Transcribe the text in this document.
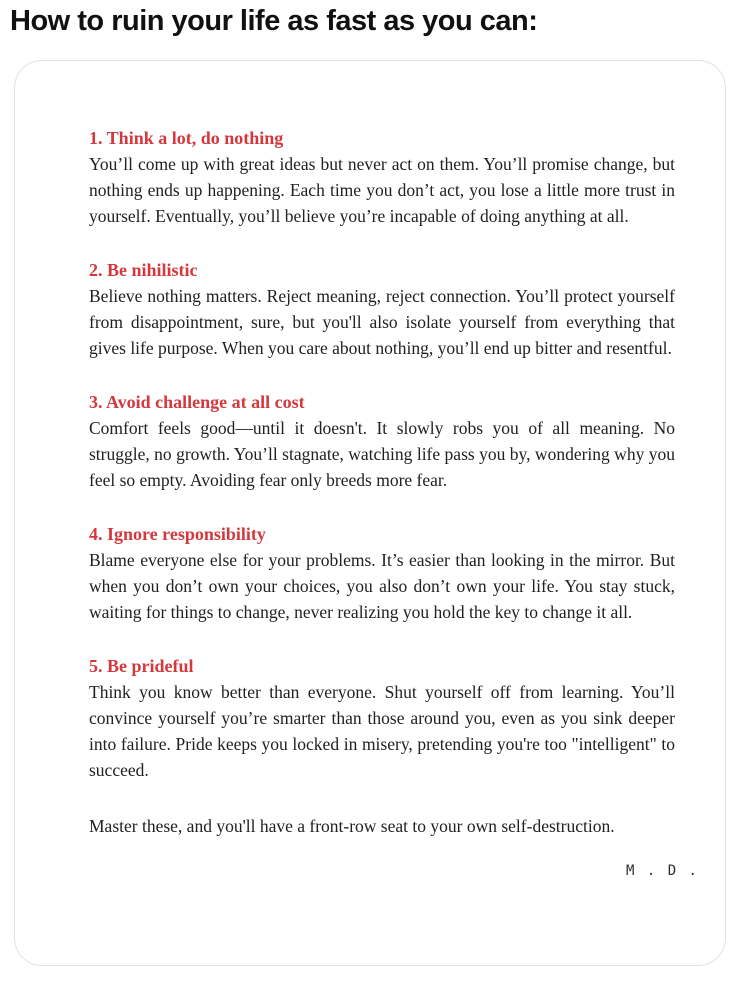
How to ruin your life as fast as you can:
1. Think a lot, do nothing
You’ll come up with great ideas but never act on them. You’ll promise change, but nothing ends up happening. Each time you don’t act, you lose a little more trust in yourself. Eventually, you’ll believe you’re incapable of doing anything at all.
2. Be nihilistic
Believe nothing matters. Reject meaning, reject connection. You’ll protect yourself from disappointment, sure, but you'll also isolate yourself from everything that gives life purpose. When you care about nothing, you’ll end up bitter and resentful.
3. Avoid challenge at all cost
Comfort feels good—until it doesn't. It slowly robs you of all meaning. No struggle, no growth. You’ll stagnate, watching life pass you by, wondering why you feel so empty. Avoiding fear only breeds more fear.
4. Ignore responsibility
Blame everyone else for your problems. It’s easier than looking in the mirror. But when you don’t own your choices, you also don’t own your life. You stay stuck, waiting for things to change, never realizing you hold the key to change it all.
5. Be prideful
Think you know better than everyone. Shut yourself off from learning. You’ll convince yourself you’re smarter than those around you, even as you sink deeper into failure. Pride keeps you locked in misery, pretending you're too "intelligent" to succeed.
Master these, and you'll have a front-row seat to your own self-destruction.
M . D .
